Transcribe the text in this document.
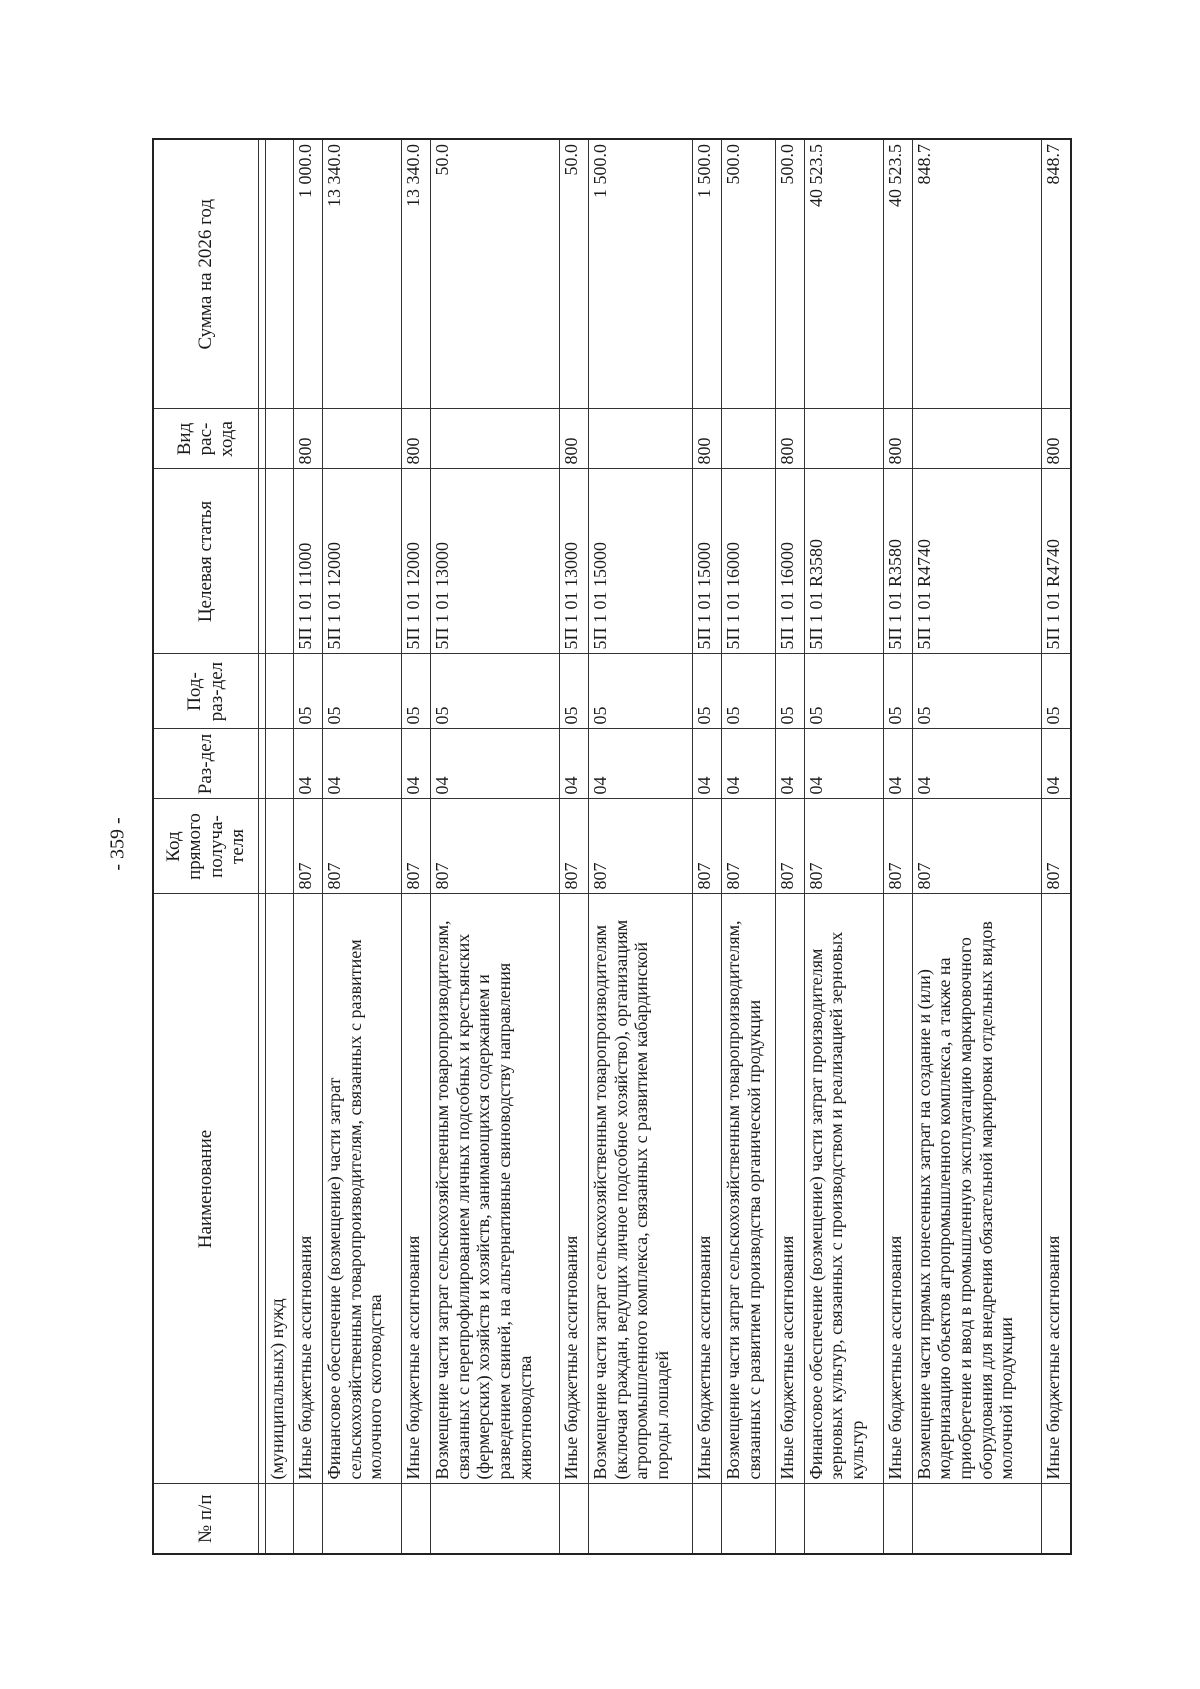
- 359 -
№ п/п	Наименование	Код прямого получа-теля	Раз-дел	Под-раз-дел	Целевая статья	Вид рас-хода	Сумма на 2026 год

	(муниципальных) нужд						
	Иные бюджетные ассигнования	807	04	05	5П 1 01 11000	800	1 000.0
	Финансовое обеспечение (возмещение) части затрат сельскохозяйственным товаропроизводителям, связанных с развитием молочного скотоводства	807	04	05	5П 1 01 12000		13 340.0
	Иные бюджетные ассигнования	807	04	05	5П 1 01 12000	800	13 340.0
	Возмещение части затрат сельскохозяйственным товаропроизводителям, связанных с перепрофилированием личных подсобных и крестьянских (фермерских) хозяйств и хозяйств, занимающихся содержанием и разведением свиней, на альтернативные свиноводству направления животноводства	807	04	05	5П 1 01 13000		50.0
	Иные бюджетные ассигнования	807	04	05	5П 1 01 13000	800	50.0
	Возмещение части затрат сельскохозяйственным товаропроизводителям (включая граждан, ведущих личное подсобное хозяйство), организациям агропромышленного комплекса, связанных с развитием кабардинской породы лошадей	807	04	05	5П 1 01 15000		1 500.0
	Иные бюджетные ассигнования	807	04	05	5П 1 01 15000	800	1 500.0
	Возмещение части затрат сельскохозяйственным товаропроизводителям, связанных с развитием производства органической продукции	807	04	05	5П 1 01 16000		500.0
	Иные бюджетные ассигнования	807	04	05	5П 1 01 16000	800	500.0
	Финансовое обеспечение (возмещение) части затрат производителям зерновых культур, связанных с производством и реализацией зерновых культур	807	04	05	5П 1 01 R3580		40 523.5
	Иные бюджетные ассигнования	807	04	05	5П 1 01 R3580	800	40 523.5
	Возмещение части прямых понесенных затрат на создание и (или) модернизацию объектов агропромышленного комплекса, а также на приобретение и ввод в промышленную эксплуатацию маркировочного оборудования для внедрения обязательной маркировки отдельных видов молочной продукции	807	04	05	5П 1 01 R4740		848.7
	Иные бюджетные ассигнования	807	04	05	5П 1 01 R4740	800	848.7
